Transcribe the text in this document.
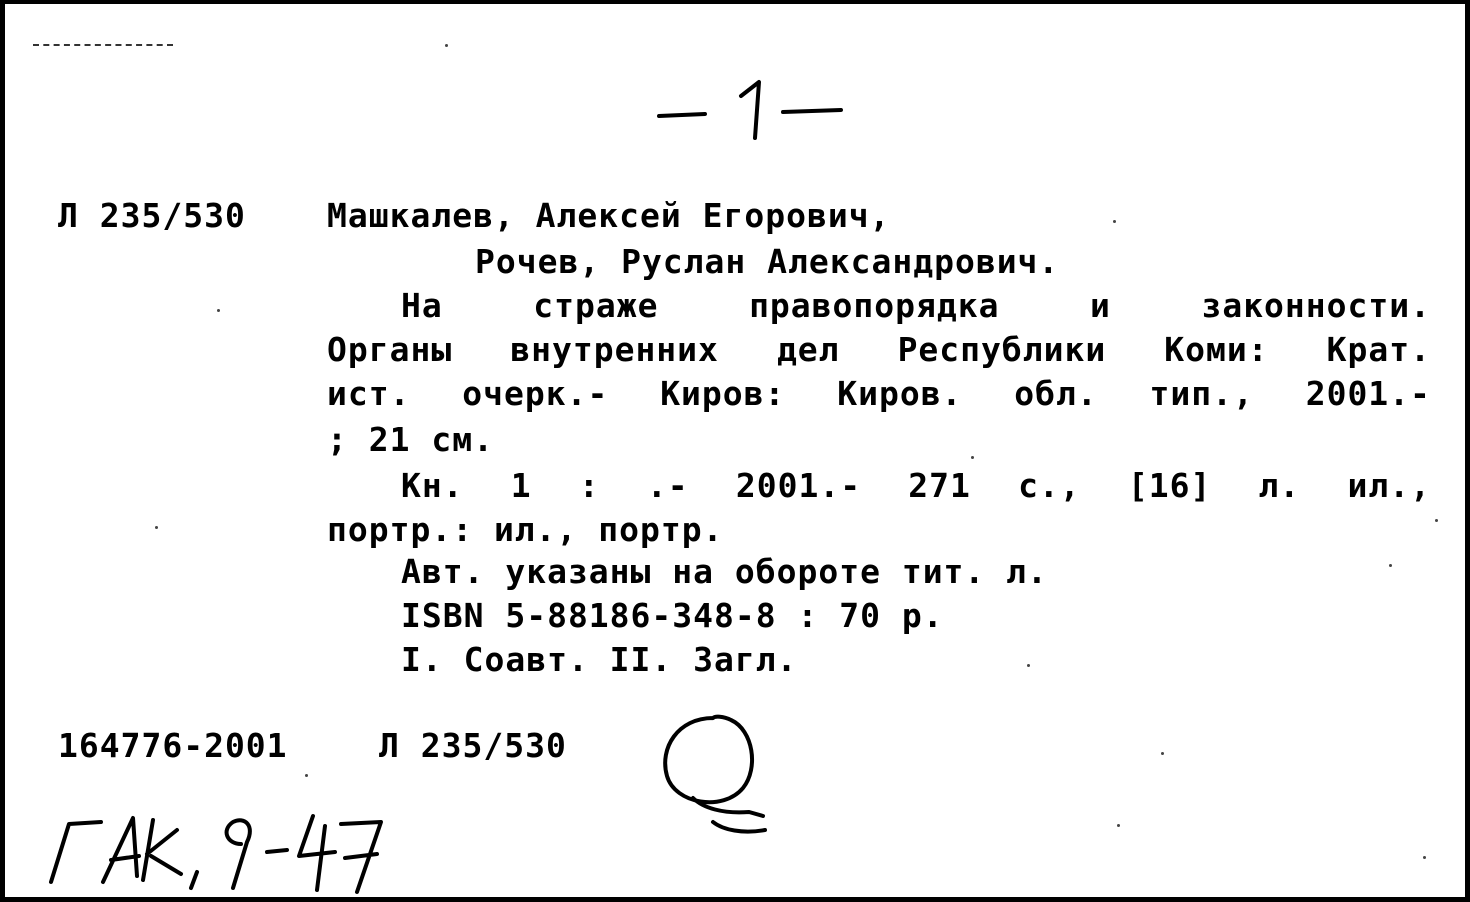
Л 235/530 Машкалев, Алексей Егорович,
Рочев, Руслан Александрович.
На	страже	правопорядка	и	законности.
Органы внутренних дел Республики Коми: Крат.
ист. очерк.- Киров: Киров. обл. тип., 2001.-
; 21 см.
Кн. 1 : .- 2001.- 271 с., [16] л. ил.,
портр.: ил., портр.
Авт. указаны на обороте тит. л.
ISBN 5-88186-348-8 : 70 р.
I. Соавт. II. Загл.
164776-2001	Л 235/530
